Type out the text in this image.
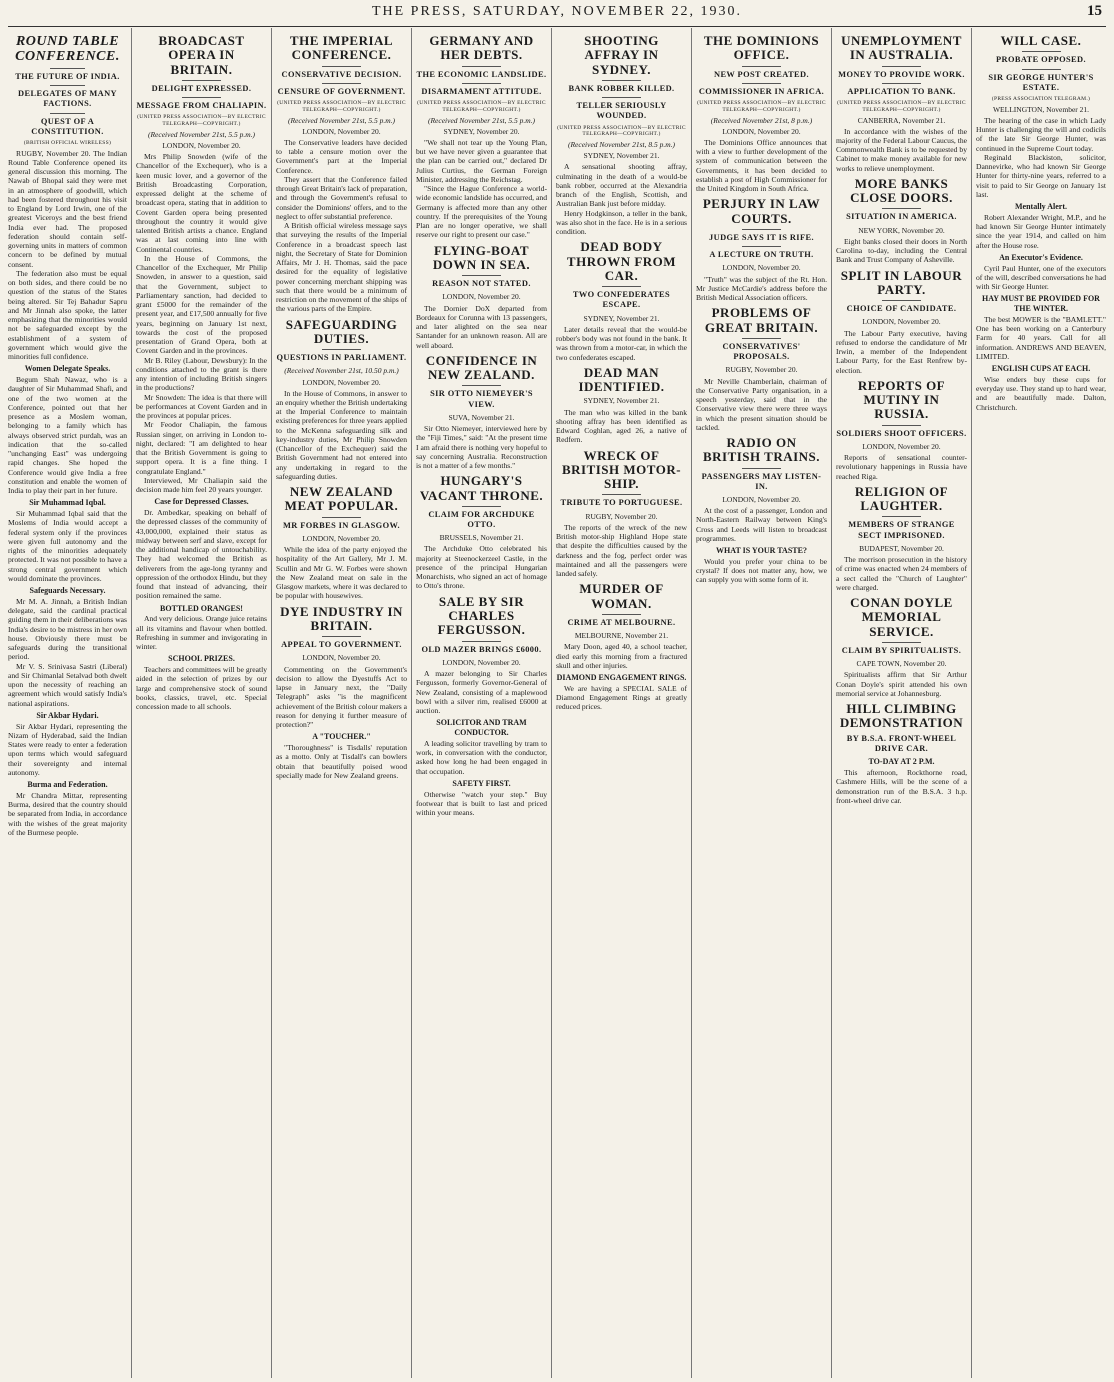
THE PRESS, SATURDAY, NOVEMBER 22, 1930.	15
ROUND TABLE CONFERENCE.
THE FUTURE OF INDIA.
DELEGATES OF MANY FACTIONS.
QUEST OF A CONSTITUTION.
(BRITISH OFFICIAL WIRELESS)
RUGBY, November 20. The Indian Round Table Conference opened its general discussion this morning. The Nawab of Bhopal said they were met in an atmosphere of goodwill, which had been fostered throughout his visit to England by Lord Irwin, one of the greatest Viceroys and the best friend India ever had. The proposed federation should contain self-governing units in matters of common concern to be defined by mutual consent.
The federation also must be equal on both sides, and there could be no question of the status of the States being altered. Sir Tej Bahadur Sapru and Mr Jinnah also spoke, the latter emphasizing that the minorities would not be safeguarded except by the establishment of a system of government which would give the minorities full confidence.
Women Delegate Speaks.
Begum Shah Nawaz, who is a daughter of Sir Muhammad Shafi, and one of the two women at the Conference, pointed out that her presence as a Moslem woman, belonging to a family which has always observed strict purdah, was an indication that the so-called "unchanging East" was undergoing rapid changes. She hoped the Conference would give India a free constitution and enable the women of India to play their part in her future.
Sir Muhammad Iqbal.
Sir Muhammad Iqbal said that the Moslems of India would accept a federal system only if the provinces were given full autonomy and the rights of the minorities adequately protected. It was not possible to have a strong central government which would dominate the provinces.
Safeguards Necessary.
Mr M. A. Jinnah, a British Indian delegate, said the cardinal practical guiding them in their deliberations was India's desire to be mistress in her own house. Obviously there must be safeguards during the transitional period.
Mr V. S. Srinivasa Sastri (Liberal) and Sir Chimanlal Setalvad both dwelt upon the necessity of reaching an agreement which would satisfy India's national aspirations.
Sir Akbar Hydari.
Sir Akbar Hydari, representing the Nizam of Hyderabad, said the Indian States were ready to enter a federation upon terms which would safeguard their sovereignty and internal autonomy.
Burma and Federation.
Mr Chandra Mittar, representing Burma, desired that the country should be separated from India, in accordance with the wishes of the great majority of the Burmese people.
BROADCAST OPERA IN BRITAIN.
DELIGHT EXPRESSED.
MESSAGE FROM CHALIAPIN.
(UNITED PRESS ASSOCIATION—BY ELECTRIC TELEGRAPH—COPYRIGHT.)
(Received November 21st, 5.5 p.m.)
LONDON, November 20.
Mrs Philip Snowden (wife of the Chancellor of the Exchequer), who is a keen music lover, and a governor of the British Broadcasting Corporation, expressed delight at the scheme of broadcast opera, stating that in addition to Covent Garden opera being presented throughout the country it would give talented British artists a chance. England was at last coming into line with Continental countries.
In the House of Commons, the Chancellor of the Exchequer, Mr Philip Snowden, in answer to a question, said that the Government, subject to Parliamentary sanction, had decided to grant £5000 for the remainder of the present year, and £17,500 annually for five years, beginning on January 1st next, towards the cost of the proposed presentation of Grand Opera, both at Covent Garden and in the provinces.
Mr B. Riley (Labour, Dewsbury): In the conditions attached to the grant is there any intention of including British singers in the productions?
Mr Snowden: The idea is that there will be performances at Covent Garden and in the provinces at popular prices.
Mr Feodor Chaliapin, the famous Russian singer, on arriving in London to-night, declared: "I am delighted to hear that the British Government is going to support opera. It is a fine thing. I congratulate England."
Interviewed, Mr Chaliapin said the decision made him feel 20 years younger.
Case for Depressed Classes.
Dr. Ambedkar, speaking on behalf of the depressed classes of the community of 43,000,000, explained their status as midway between serf and slave, except for the additional handicap of untouchability. They had welcomed the British as deliverers from the age-long tyranny and oppression of the orthodox Hindu, but they found that instead of advancing, their position remained the same.
BOTTLED ORANGES!
And very delicious. Orange juice retains all its vitamins and flavour when bottled. Refreshing in summer and invigorating in winter.
SCHOOL PRIZES.
Teachers and committees will be greatly aided in the selection of prizes by our large and comprehensive stock of sound books, classics, travel, etc. Special concession made to all schools.
THE IMPERIAL CONFERENCE.
CONSERVATIVE DECISION.
CENSURE OF GOVERNMENT.
(UNITED PRESS ASSOCIATION—BY ELECTRIC TELEGRAPH—COPYRIGHT.)
(Received November 21st, 5.5 p.m.)
LONDON, November 20.
The Conservative leaders have decided to table a censure motion over the Government's part at the Imperial Conference.
They assert that the Conference failed through Great Britain's lack of preparation, and through the Government's refusal to consider the Dominions' offers, and to the neglect to offer substantial preference.
A British official wireless message says that surveying the results of the Imperial Conference in a broadcast speech last night, the Secretary of State for Dominion Affairs, Mr J. H. Thomas, said the pace desired for the equality of legislative power concerning merchant shipping was such that there would be a minimum of restriction on the movement of the ships of the various parts of the Empire.
SAFEGUARDING DUTIES.
QUESTIONS IN PARLIAMENT.
(Received November 21st, 10.50 p.m.)
LONDON, November 20.
In the House of Commons, in answer to an enquiry whether the British undertaking at the Imperial Conference to maintain existing preferences for three years applied to the McKenna safeguarding silk and key-industry duties, Mr Philip Snowden (Chancellor of the Exchequer) said the British Government had not entered into any undertaking in regard to the safeguarding duties.
NEW ZEALAND MEAT POPULAR.
MR FORBES IN GLASGOW.
LONDON, November 20.
While the idea of the party enjoyed the hospitality of the Art Gallery, Mr J. M. Scullin and Mr G. W. Forbes were shown the New Zealand meat on sale in the Glasgow markets, where it was declared to be popular with housewives.
DYE INDUSTRY IN BRITAIN.
APPEAL TO GOVERNMENT.
LONDON, November 20.
Commenting on the Government's decision to allow the Dyestuffs Act to lapse in January next, the "Daily Telegraph" asks "is the magnificent achievement of the British colour makers a reason for denying it further measure of protection?"
A "TOUCHER."
"Thoroughness" is Tisdalls' reputation as a motto. Only at Tisdall's can bowlers obtain that beautifully poised wood specially made for New Zealand greens.
GERMANY AND HER DEBTS.
THE ECONOMIC LANDSLIDE.
DISARMAMENT ATTITUDE.
(UNITED PRESS ASSOCIATION—BY ELECTRIC TELEGRAPH—COPYRIGHT.)
(Received November 21st, 5.5 p.m.)
SYDNEY, November 20.
"We shall not tear up the Young Plan, but we have never given a guarantee that the plan can be carried out," declared Dr Julius Curtius, the German Foreign Minister, addressing the Reichstag.
"Since the Hague Conference a world-wide economic landslide has occurred, and Germany is affected more than any other country. If the prerequisites of the Young Plan are no longer operative, we shall reserve our right to present our case."
FLYING-BOAT DOWN IN SEA.
REASON NOT STATED.
LONDON, November 20.
The Dornier DoX departed from Bordeaux for Corunna with 13 passengers, and later alighted on the sea near Santander for an unknown reason. All are well aboard.
CONFIDENCE IN NEW ZEALAND.
SIR OTTO NIEMEYER'S VIEW.
SUVA, November 21.
Sir Otto Niemeyer, interviewed here by the "Fiji Times," said: "At the present time I am afraid there is nothing very hopeful to say concerning Australia. Reconstruction is not a matter of a few months."
HUNGARY'S VACANT THRONE.
CLAIM FOR ARCHDUKE OTTO.
BRUSSELS, November 21.
The Archduke Otto celebrated his majority at Steenockerzeel Castle, in the presence of the principal Hungarian Monarchists, who signed an act of homage to Otto's throne.
SALE BY SIR CHARLES FERGUSSON.
OLD MAZER BRINGS £6000.
LONDON, November 20.
A mazer belonging to Sir Charles Fergusson, formerly Governor-General of New Zealand, consisting of a maplewood bowl with a silver rim, realised £6000 at auction.
SOLICITOR AND TRAM CONDUCTOR.
A leading solicitor travelling by tram to work, in conversation with the conductor, asked how long he had been engaged in that occupation.
SAFETY FIRST.
Otherwise "watch your step." Buy footwear that is built to last and priced within your means.
SHOOTING AFFRAY IN SYDNEY.
BANK ROBBER KILLED.
TELLER SERIOUSLY WOUNDED.
(UNITED PRESS ASSOCIATION—BY ELECTRIC TELEGRAPH—COPYRIGHT.)
(Received November 21st, 8.5 p.m.)
SYDNEY, November 21.
A sensational shooting affray, culminating in the death of a would-be bank robber, occurred at the Alexandria branch of the English, Scottish, and Australian Bank just before midday.
Henry Hodgkinson, a teller in the bank, was also shot in the face. He is in a serious condition.
DEAD BODY THROWN FROM CAR.
TWO CONFEDERATES ESCAPE.
SYDNEY, November 21.
Later details reveal that the would-be robber's body was not found in the bank. It was thrown from a motor-car, in which the two confederates escaped.
DEAD MAN IDENTIFIED.
SYDNEY, November 21.
The man who was killed in the bank shooting affray has been identified as Edward Coghlan, aged 26, a native of Redfern.
WRECK OF BRITISH MOTOR-SHIP.
TRIBUTE TO PORTUGUESE.
RUGBY, November 20.
The reports of the wreck of the new British motor-ship Highland Hope state that despite the difficulties caused by the darkness and the fog, perfect order was maintained and all the passengers were landed safely.
MURDER OF WOMAN.
CRIME AT MELBOURNE.
MELBOURNE, November 21.
Mary Doon, aged 40, a school teacher, died early this morning from a fractured skull and other injuries.
DIAMOND ENGAGEMENT RINGS.
We are having a SPECIAL SALE of Diamond Engagement Rings at greatly reduced prices.
THE DOMINIONS OFFICE.
NEW POST CREATED.
COMMISSIONER IN AFRICA.
(UNITED PRESS ASSOCIATION—BY ELECTRIC TELEGRAPH—COPYRIGHT.)
(Received November 21st, 8 p.m.)
LONDON, November 20.
The Dominions Office announces that with a view to further development of the system of communication between the Governments, it has been decided to establish a post of High Commissioner for the United Kingdom in South Africa.
PERJURY IN LAW COURTS.
JUDGE SAYS IT IS RIFE.
A LECTURE ON TRUTH.
LONDON, November 20.
"Truth" was the subject of the Rt. Hon. Mr Justice McCardie's address before the British Medical Association officers.
PROBLEMS OF GREAT BRITAIN.
CONSERVATIVES' PROPOSALS.
RUGBY, November 20.
Mr Neville Chamberlain, chairman of the Conservative Party organisation, in a speech yesterday, said that in the Conservative view there were three ways in which the present situation should be tackled.
RADIO ON BRITISH TRAINS.
PASSENGERS MAY LISTEN-IN.
LONDON, November 20.
At the cost of a passenger, London and North-Eastern Railway between King's Cross and Leeds will listen to broadcast programmes.
WHAT IS YOUR TASTE?
Would you prefer your china to be crystal? If does not matter any, how, we can supply you with some form of it.
UNEMPLOYMENT IN AUSTRALIA.
MONEY TO PROVIDE WORK.
APPLICATION TO BANK.
(UNITED PRESS ASSOCIATION—BY ELECTRIC TELEGRAPH—COPYRIGHT.)
CANBERRA, November 21.
In accordance with the wishes of the majority of the Federal Labour Caucus, the Commonwealth Bank is to be requested by Cabinet to make money available for new works to relieve unemployment.
MORE BANKS CLOSE DOORS.
SITUATION IN AMERICA.
NEW YORK, November 20.
Eight banks closed their doors in North Carolina to-day, including the Central Bank and Trust Company of Asheville.
SPLIT IN LABOUR PARTY.
CHOICE OF CANDIDATE.
LONDON, November 20.
The Labour Party executive, having refused to endorse the candidature of Mr Irwin, a member of the Independent Labour Party, for the East Renfrew by-election.
REPORTS OF MUTINY IN RUSSIA.
SOLDIERS SHOOT OFFICERS.
LONDON, November 20.
Reports of sensational counter-revolutionary happenings in Russia have reached Riga.
RELIGION OF LAUGHTER.
MEMBERS OF STRANGE SECT IMPRISONED.
BUDAPEST, November 20.
The morrison prosecution in the history of crime was enacted when 24 members of a sect called the "Church of Laughter" were charged.
CONAN DOYLE MEMORIAL SERVICE.
CLAIM BY SPIRITUALISTS.
CAPE TOWN, November 20.
Spiritualists affirm that Sir Arthur Conan Doyle's spirit attended his own memorial service at Johannesburg.
HILL CLIMBING DEMONSTRATION
BY B.S.A. FRONT-WHEEL DRIVE CAR.
TO-DAY AT 2 P.M.
This afternoon, Rockthorne road, Cashmere Hills, will be the scene of a demonstration run of the B.S.A. 3 h.p. front-wheel drive car.
WILL CASE.
PROBATE OPPOSED.
SIR GEORGE HUNTER'S ESTATE.
(PRESS ASSOCIATION TELEGRAM.)
WELLINGTON, November 21.
The hearing of the case in which Lady Hunter is challenging the will and codicils of the late Sir George Hunter, was continued in the Supreme Court today.
Reginald Blackiston, solicitor, Dannevirke, who had known Sir George Hunter for thirty-nine years, referred to a visit to paid to Sir George on January 1st last.
Mentally Alert.
Robert Alexander Wright, M.P., and he had known Sir George Hunter intimately since the year 1914, and called on him after the House rose.
An Executor's Evidence.
Cyril Paul Hunter, one of the executors of the will, described conversations he had with Sir George Hunter.
HAY MUST BE PROVIDED FOR THE WINTER.
The best MOWER is the "BAMLETT." One has been working on a Canterbury Farm for 40 years. Call for all information. ANDREWS AND BEAVEN, LIMITED.
ENGLISH CUPS AT EACH.
Wise enders buy these cups for everyday use. They stand up to hard wear, and are beautifully made. Dalton, Christchurch.
